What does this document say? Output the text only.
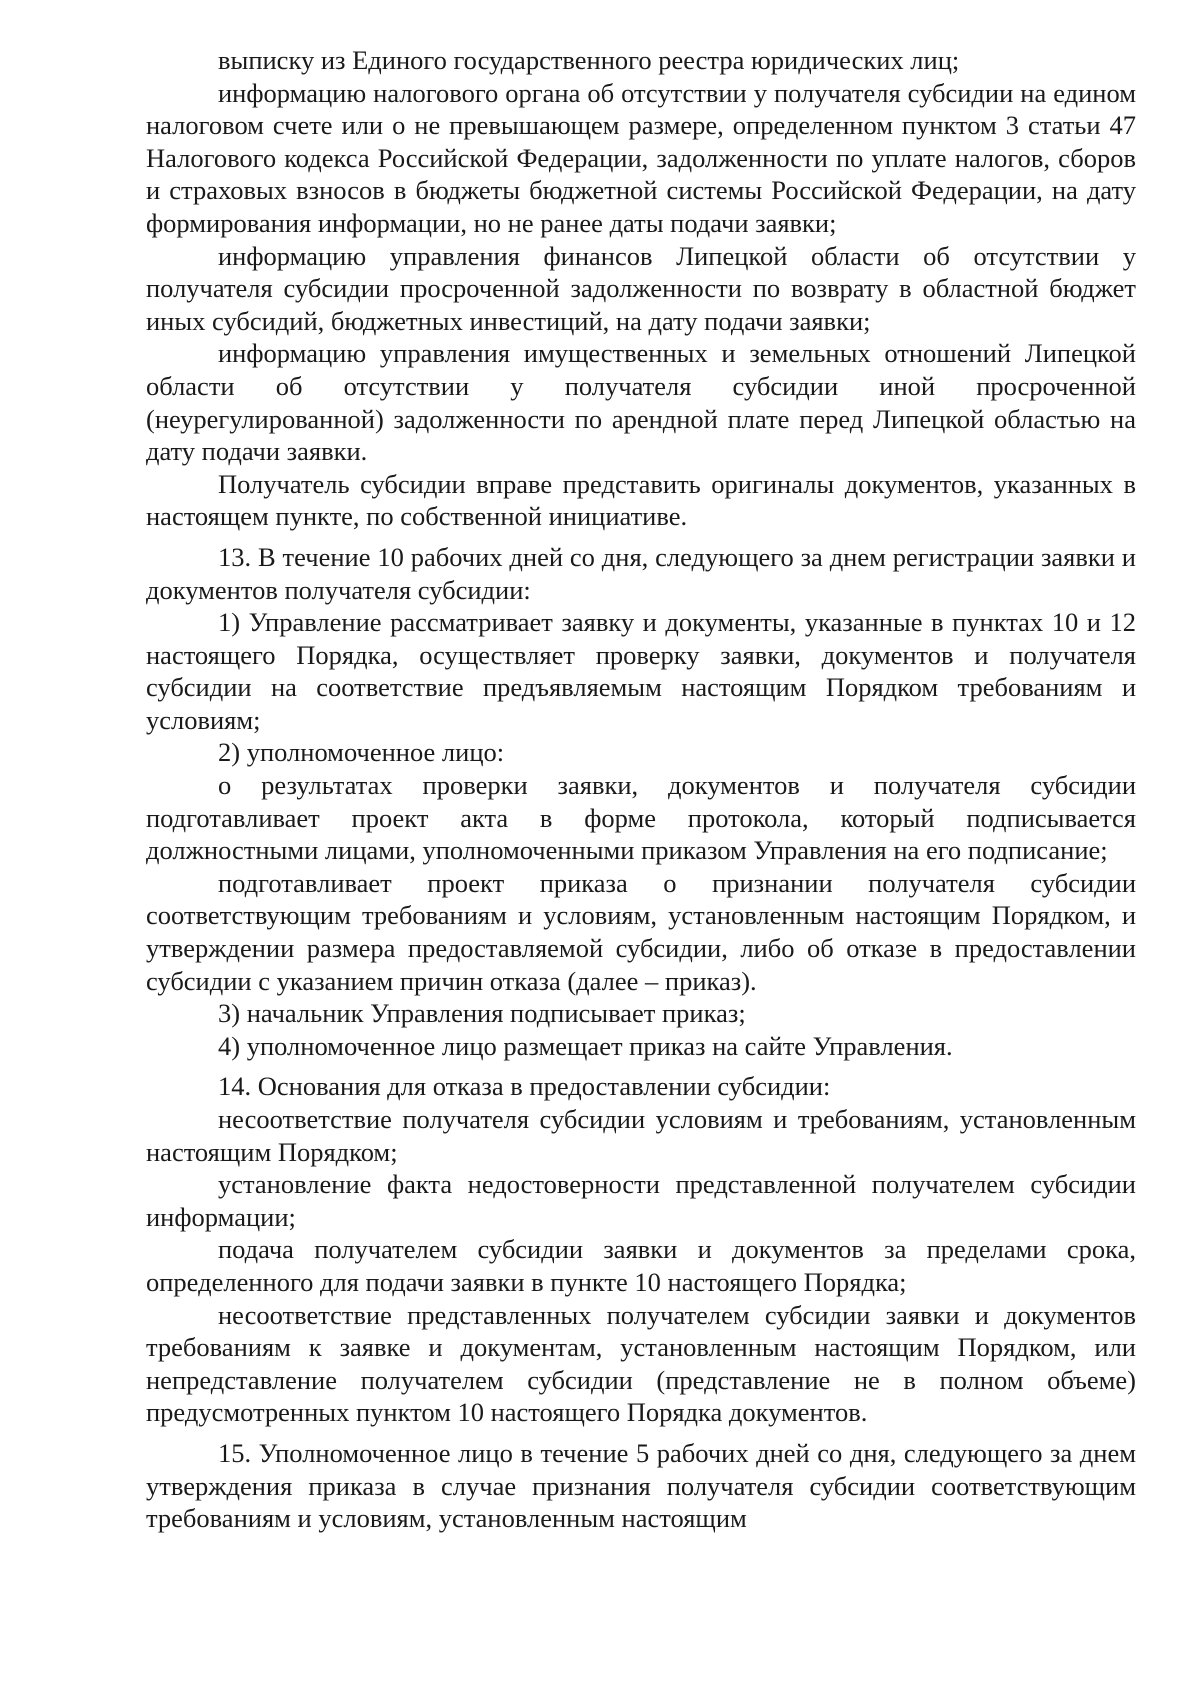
выписку из Единого государственного реестра юридических лиц;

информацию налогового органа об отсутствии у получателя субсидии на едином налоговом счете или о не превышающем размере, определенном пунктом 3 статьи 47 Налогового кодекса Российской Федерации, задолженности по уплате налогов, сборов и страховых взносов в бюджеты бюджетной системы Российской Федерации, на дату формирования информации, но не ранее даты подачи заявки;

информацию управления финансов Липецкой области об отсутствии у получателя субсидии просроченной задолженности по возврату в областной бюджет иных субсидий, бюджетных инвестиций, на дату подачи заявки;

информацию управления имущественных и земельных отношений Липецкой области об отсутствии у получателя субсидии иной просроченной (неурегулированной) задолженности по арендной плате перед Липецкой областью на дату подачи заявки.

Получатель субсидии вправе представить оригиналы документов, указанных в настоящем пункте, по собственной инициативе.

13. В течение 10 рабочих дней со дня, следующего за днем регистрации заявки и документов получателя субсидии:

1) Управление рассматривает заявку и документы, указанные в пунктах 10 и 12 настоящего Порядка, осуществляет проверку заявки, документов и получателя субсидии на соответствие предъявляемым настоящим Порядком требованиям и условиям;

2) уполномоченное лицо:

о результатах проверки заявки, документов и получателя субсидии подготавливает проект акта в форме протокола, который подписывается должностными лицами, уполномоченными приказом Управления на его подписание;

подготавливает проект приказа о признании получателя субсидии соответствующим требованиям и условиям, установленным настоящим Порядком, и утверждении размера предоставляемой субсидии, либо об отказе в предоставлении субсидии с указанием причин отказа (далее – приказ).

3) начальник Управления подписывает приказ;

4) уполномоченное лицо размещает приказ на сайте Управления.

14. Основания для отказа в предоставлении субсидии:

несоответствие получателя субсидии условиям и требованиям, установленным настоящим Порядком;

установление факта недостоверности представленной получателем субсидии информации;

подача получателем субсидии заявки и документов за пределами срока, определенного для подачи заявки в пункте 10 настоящего Порядка;

несоответствие представленных получателем субсидии заявки и документов требованиям к заявке и документам, установленным настоящим Порядком, или непредставление получателем субсидии (представление не в полном объеме) предусмотренных пунктом 10 настоящего Порядка документов.

15. Уполномоченное лицо в течение 5 рабочих дней со дня, следующего за днем утверждения приказа в случае признания получателя субсидии соответствующим требованиям и условиям, установленным настоящим
